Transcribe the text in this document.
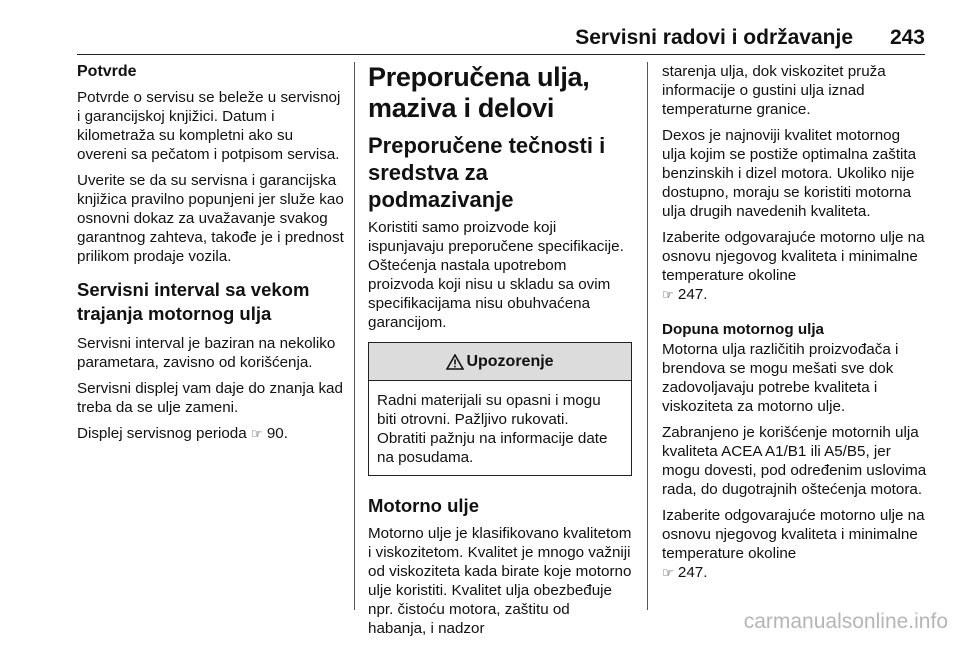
Servisni radovi i održavanje 243
Potvrde

Potvrde o servisu se beleže u servisnoj i garancijskoj knjižici. Datum i kilometraža su kompletni ako su overeni sa pečatom i potpisom servisa.

Uverite se da su servisna i garancijska knjižica pravilno popunjeni jer služe kao osnovni dokaz za uvažavanje svakog garantnog zahteva, takođe je i prednost prilikom prodaje vozila.

Servisni interval sa vekom trajanja motornog ulja

Servisni interval je baziran na nekoliko parametara, zavisno od korišćenja.

Servisni displej vam daje do znanja kad treba da se ulje zameni.

Displej servisnog perioda ☞ 90.

Preporučena ulja, maziva i delovi
Preporučene tečnosti i sredstva za podmazivanje

Koristiti samo proizvode koji ispunjavaju preporučene specifikacije. Oštećenja nastala upotrebom proizvoda koji nisu u skladu sa ovim specifikacijama nisu obuhvaćena garancijom.

Upozorenje

Radni materijali su opasni i mogu biti otrovni. Pažljivo rukovati.

Obratiti pažnju na informacije date na posudama.

Motorno ulje

Motorno ulje je klasifikovano kvalitetom i viskozitetom. Kvalitet je mnogo važniji od viskoziteta kada birate koje motorno ulje koristiti. Kvalitet ulja obezbeđuje npr. čistoću motora, zaštitu od habanja, i nadzor

starenja ulja, dok viskozitet pruža informacije o gustini ulja iznad temperaturne granice.

Dexos je najnoviji kvalitet motornog ulja kojim se postiže optimalna zaštita benzinskih i dizel motora. Ukoliko nije dostupno, moraju se koristiti motorna ulja drugih navedenih kvaliteta.

Izaberite odgovarajuće motorno ulje na osnovu njegovog kvaliteta i minimalne temperature okoline
☞ 247.

Dopuna motornog ulja

Motorna ulja različitih proizvođača i brendova se mogu mešati sve dok zadovoljavaju potrebe kvaliteta i viskoziteta za motorno ulje.

Zabranjeno je korišćenje motornih ulja kvaliteta ACEA A1/B1 ili A5/B5, jer mogu dovesti, pod određenim uslovima rada, do dugotrajnih oštećenja motora.

Izaberite odgovarajuće motorno ulje na osnovu njegovog kvaliteta i minimalne temperature okoline
☞ 247.

carmanualsonline.info
